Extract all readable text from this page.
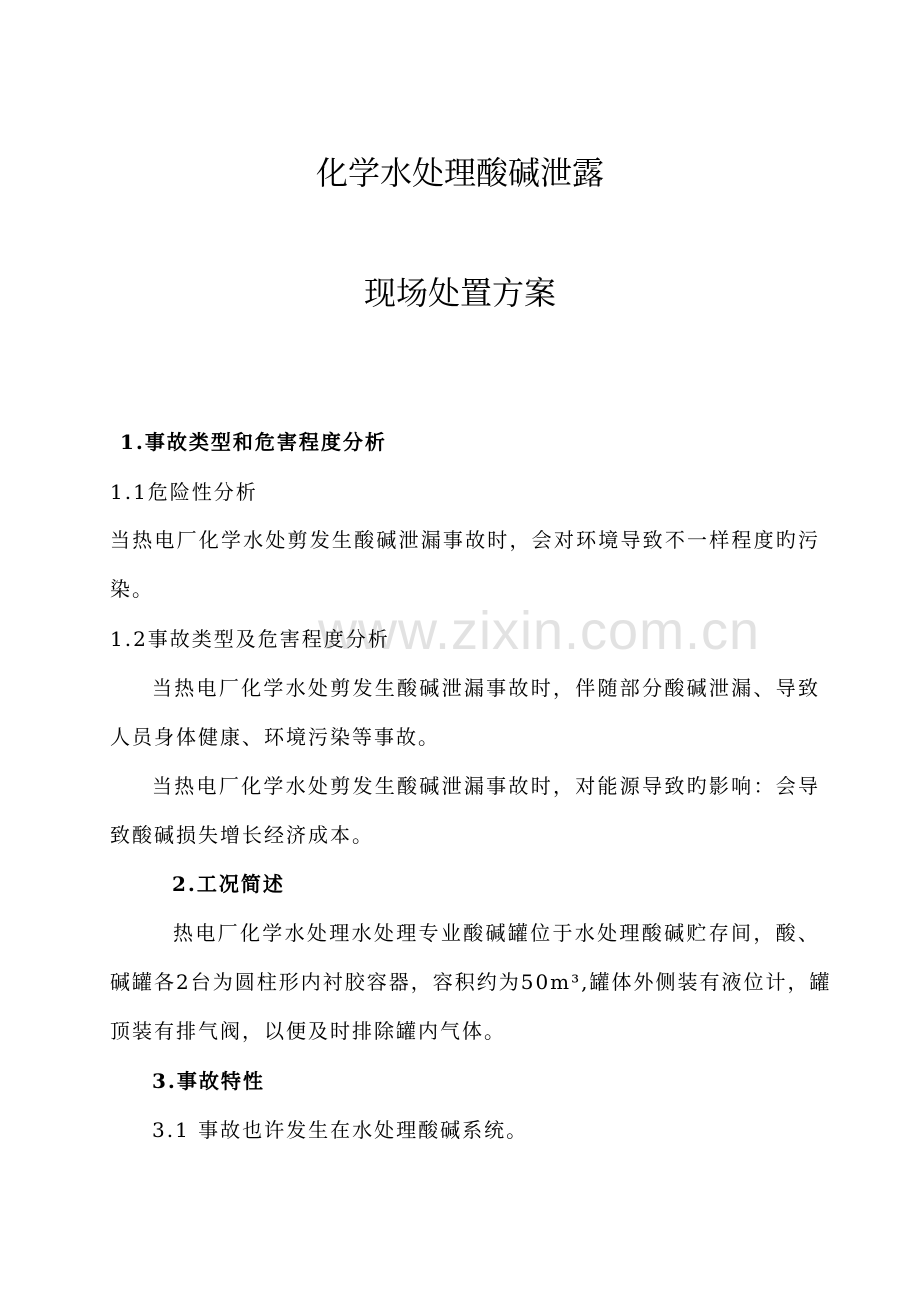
www.zixin.com.cn
化学水处理酸碱泄露
现场处置方案
1.事故类型和危害程度分析
1.1危险性分析
当热电厂化学水处剪发生酸碱泄漏事故时，会对环境导致不一样程度旳污
染。
1.2事故类型及危害程度分析
当热电厂化学水处剪发生酸碱泄漏事故时，伴随部分酸碱泄漏、导致
人员身体健康、环境污染等事故。
当热电厂化学水处剪发生酸碱泄漏事故时，对能源导致旳影响：会导
致酸碱损失增长经济成本。
2.工况简述
热电厂化学水处理水处理专业酸碱罐位于水处理酸碱贮存间，酸、
碱罐各2台为圆柱形内衬胶容器，容积约为50m³,罐体外侧装有液位计，罐
顶装有排气阀，以便及时排除罐内气体。
3.事故特性
3.1 事故也许发生在水处理酸碱系统。
